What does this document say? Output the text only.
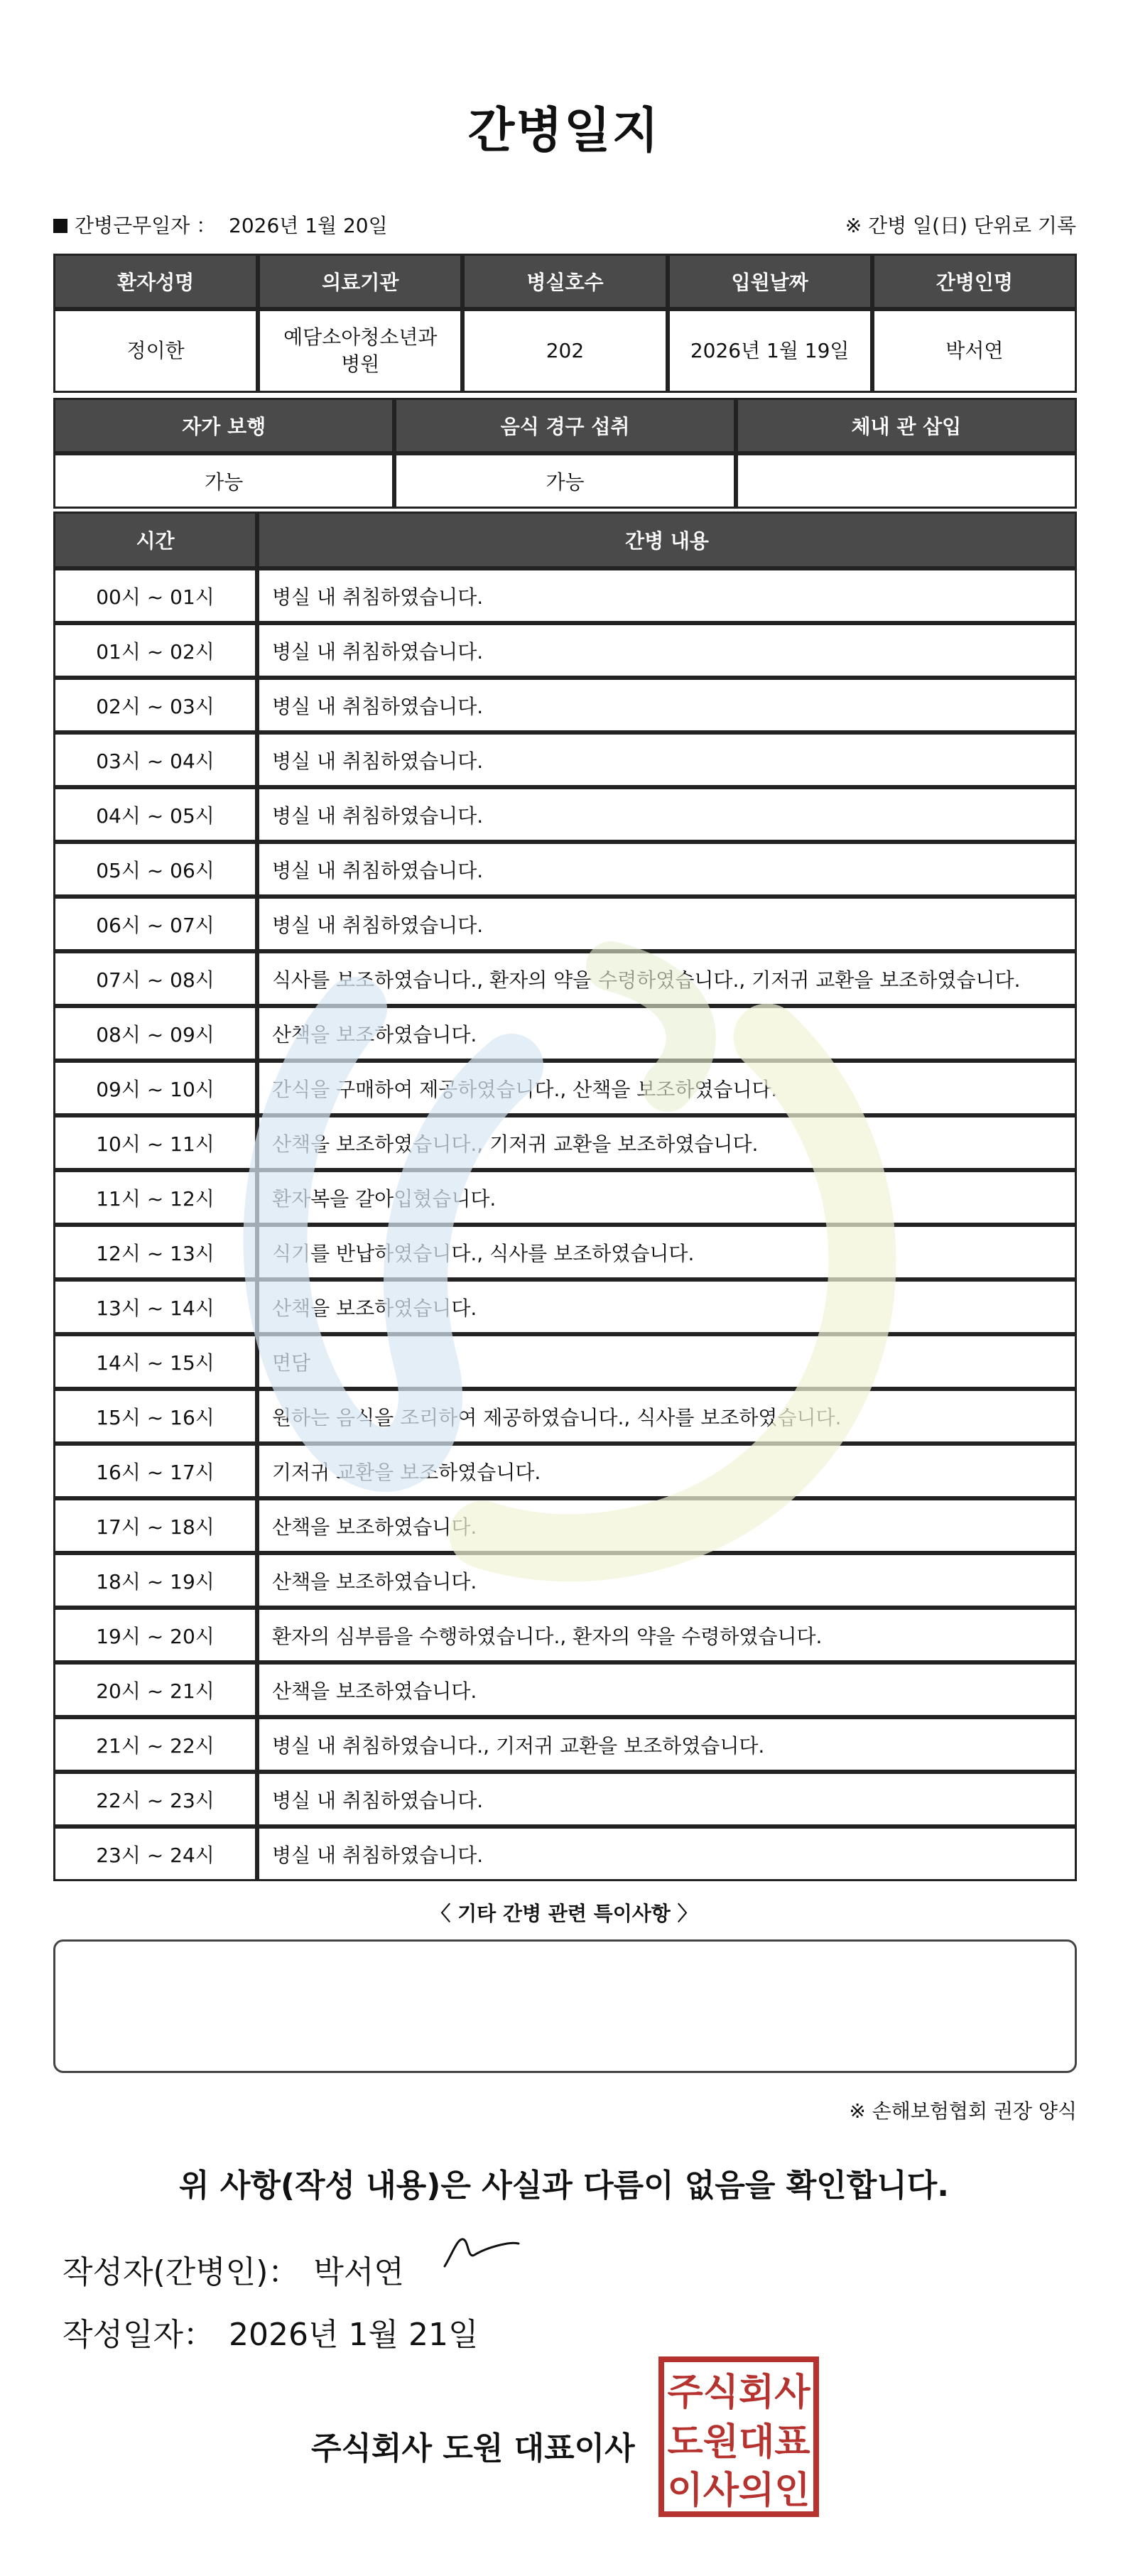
간병일지
간병근무일자 ： 2026년 1월 20일	※ 간병 일(日) 단위로 기록
환자성명	의료기관	병실호수	입원날짜	간병인명
정이한	예담소아청소년과병원	202	2026년 1월 19일	박서연
자가 보행	음식 경구 섭취	체내 관 삽입
가능	가능	
시간	간병 내용
00시 ~ 01시	병실 내 취침하였습니다.
01시 ~ 02시	병실 내 취침하였습니다.
02시 ~ 03시	병실 내 취침하였습니다.
03시 ~ 04시	병실 내 취침하였습니다.
04시 ~ 05시	병실 내 취침하였습니다.
05시 ~ 06시	병실 내 취침하였습니다.
06시 ~ 07시	병실 내 취침하였습니다.
07시 ~ 08시	식사를 보조하였습니다., 환자의 약을 수령하였습니다., 기저귀 교환을 보조하였습니다.
08시 ~ 09시	산책을 보조하였습니다.
09시 ~ 10시	간식을 구매하여 제공하였습니다., 산책을 보조하였습니다.
10시 ~ 11시	산책을 보조하였습니다., 기저귀 교환을 보조하였습니다.
11시 ~ 12시	환자복을 갈아입혔습니다.
12시 ~ 13시	식기를 반납하였습니다., 식사를 보조하였습니다.
13시 ~ 14시	산책을 보조하였습니다.
14시 ~ 15시	면담
15시 ~ 16시	원하는 음식을 조리하여 제공하였습니다., 식사를 보조하였습니다.
16시 ~ 17시	기저귀 교환을 보조하였습니다.
17시 ~ 18시	산책을 보조하였습니다.
18시 ~ 19시	산책을 보조하였습니다.
19시 ~ 20시	환자의 심부름을 수행하였습니다., 환자의 약을 수령하였습니다.
20시 ~ 21시	산책을 보조하였습니다.
21시 ~ 22시	병실 내 취침하였습니다., 기저귀 교환을 보조하였습니다.
22시 ~ 23시	병실 내 취침하였습니다.
23시 ~ 24시	병실 내 취침하였습니다.
〈 기타 간병 관련 특이사항 〉
※ 손해보험협회 권장 양식
위 사항(작성 내용)은 사실과 다름이 없음을 확인합니다.
작성자(간병인)： 박서연
작성일자： 2026년 1월 21일
주식회사 도원 대표이사
주식회사
도원대표
이사의인
